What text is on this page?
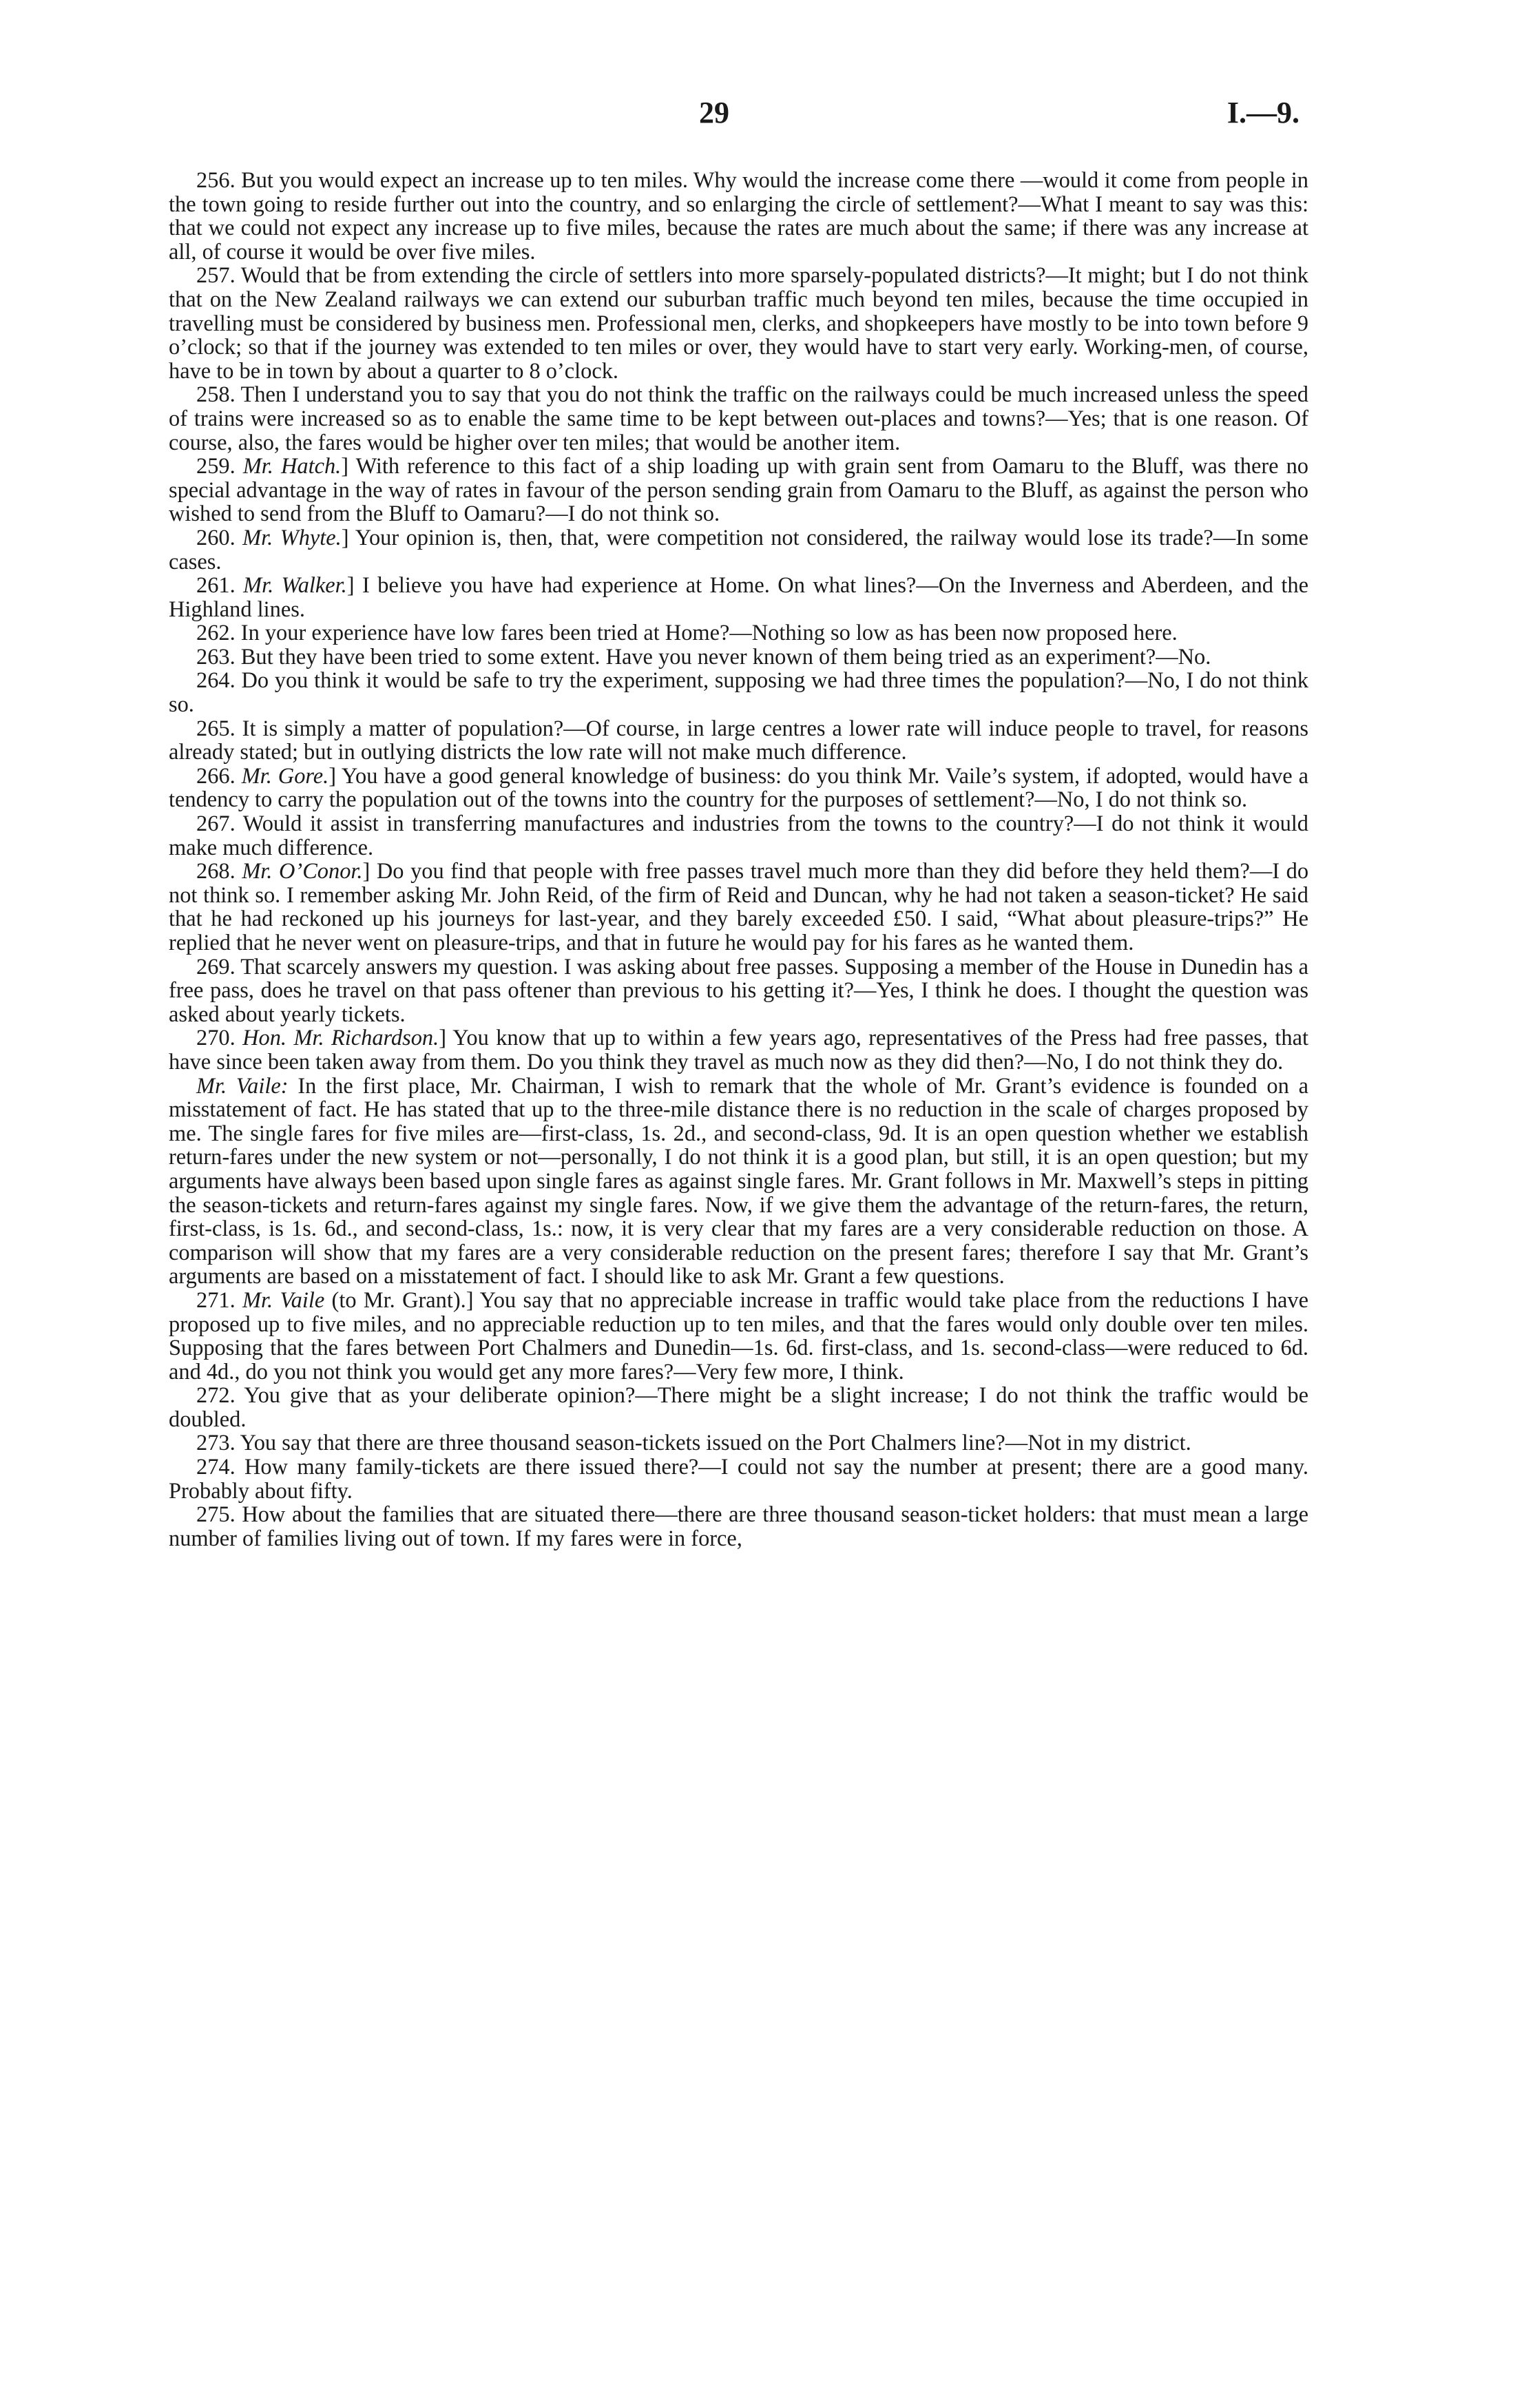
29	I.—9.

256. But you would expect an increase up to ten miles. Why would the increase come there —would it come from people in the town going to reside further out into the country, and so enlarging the circle of settlement?—What I meant to say was this: that we could not expect any increase up to five miles, because the rates are much about the same; if there was any increase at all, of course it would be over five miles.

257. Would that be from extending the circle of settlers into more sparsely-populated districts?—It might; but I do not think that on the New Zealand railways we can extend our suburban traffic much beyond ten miles, because the time occupied in travelling must be considered by business men. Professional men, clerks, and shopkeepers have mostly to be into town before 9 o’clock; so that if the journey was extended to ten miles or over, they would have to start very early. Working-men, of course, have to be in town by about a quarter to 8 o’clock.

258. Then I understand you to say that you do not think the traffic on the railways could be much increased unless the speed of trains were increased so as to enable the same time to be kept between out-places and towns?—Yes; that is one reason. Of course, also, the fares would be higher over ten miles; that would be another item.

259. Mr. Hatch.] With reference to this fact of a ship loading up with grain sent from Oamaru to the Bluff, was there no special advantage in the way of rates in favour of the person sending grain from Oamaru to the Bluff, as against the person who wished to send from the Bluff to Oamaru?—I do not think so.

260. Mr. Whyte.] Your opinion is, then, that, were competition not considered, the railway would lose its trade?—In some cases.

261. Mr. Walker.] I believe you have had experience at Home. On what lines?—On the Inverness and Aberdeen, and the Highland lines.

262. In your experience have low fares been tried at Home?—Nothing so low as has been now proposed here.

263. But they have been tried to some extent. Have you never known of them being tried as an experiment?—No.

264. Do you think it would be safe to try the experiment, supposing we had three times the population?—No, I do not think so.

265. It is simply a matter of population?—Of course, in large centres a lower rate will induce people to travel, for reasons already stated; but in outlying districts the low rate will not make much difference.

266. Mr. Gore.] You have a good general knowledge of business: do you think Mr. Vaile’s system, if adopted, would have a tendency to carry the population out of the towns into the country for the purposes of settlement?—No, I do not think so.

267. Would it assist in transferring manufactures and industries from the towns to the country?—I do not think it would make much difference.

268. Mr. O’Conor.] Do you find that people with free passes travel much more than they did before they held them?—I do not think so. I remember asking Mr. John Reid, of the firm of Reid and Duncan, why he had not taken a season-ticket? He said that he had reckoned up his journeys for last-year, and they barely exceeded £50. I said, “What about pleasure-trips?” He replied that he never went on pleasure-trips, and that in future he would pay for his fares as he wanted them.

269. That scarcely answers my question. I was asking about free passes. Supposing a member of the House in Dunedin has a free pass, does he travel on that pass oftener than previous to his getting it?—Yes, I think he does. I thought the question was asked about yearly tickets.

270. Hon. Mr. Richardson.] You know that up to within a few years ago, representatives of the Press had free passes, that have since been taken away from them. Do you think they travel as much now as they did then?—No, I do not think they do.

Mr. Vaile: In the first place, Mr. Chairman, I wish to remark that the whole of Mr. Grant’s evidence is founded on a misstatement of fact. He has stated that up to the three-mile distance there is no reduction in the scale of charges proposed by me. The single fares for five miles are—first-class, 1s. 2d., and second-class, 9d. It is an open question whether we establish return-fares under the new system or not—personally, I do not think it is a good plan, but still, it is an open question; but my arguments have always been based upon single fares as against single fares. Mr. Grant follows in Mr. Maxwell’s steps in pitting the season-tickets and return-fares against my single fares. Now, if we give them the advantage of the return-fares, the return, first-class, is 1s. 6d., and second-class, 1s.: now, it is very clear that my fares are a very considerable reduction on those. A comparison will show that my fares are a very considerable reduction on the present fares; therefore I say that Mr. Grant’s arguments are based on a misstatement of fact. I should like to ask Mr. Grant a few questions.

271. Mr. Vaile (to Mr. Grant).] You say that no appreciable increase in traffic would take place from the reductions I have proposed up to five miles, and no appreciable reduction up to ten miles, and that the fares would only double over ten miles. Supposing that the fares between Port Chalmers and Dunedin—1s. 6d. first-class, and 1s. second-class—were reduced to 6d. and 4d., do you not think you would get any more fares?—Very few more, I think.

272. You give that as your deliberate opinion?—There might be a slight increase; I do not think the traffic would be doubled.

273. You say that there are three thousand season-tickets issued on the Port Chalmers line?—Not in my district.

274. How many family-tickets are there issued there?—I could not say the number at present; there are a good many. Probably about fifty.

275. How about the families that are situated there—there are three thousand season-ticket holders: that must mean a large number of families living out of town. If my fares were in force,
